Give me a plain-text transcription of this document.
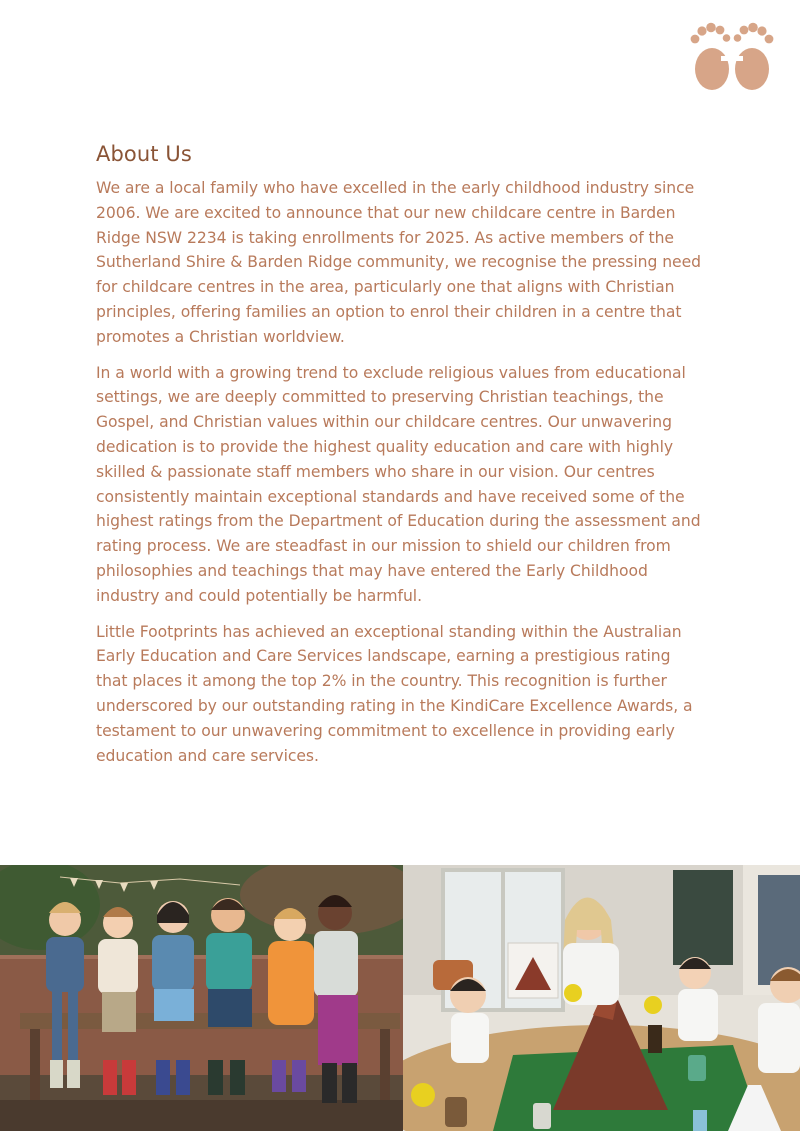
About Us

We are a local family who have excelled in the early childhood industry since 2006. We are excited to announce that our new childcare centre in Barden Ridge NSW 2234 is taking enrollments for 2025. As active members of the Sutherland Shire & Barden Ridge community, we recognise the pressing need for childcare centres in the area, particularly one that aligns with Christian principles, offering families an option to enrol their children in a centre that promotes a Christian worldview.

In a world with a growing trend to exclude religious values from educational settings, we are deeply committed to preserving Christian teachings, the Gospel, and Christian values within our childcare centres. Our unwavering dedication is to provide the highest quality education and care with highly skilled & passionate staff members who share in our vision. Our centres consistently maintain exceptional standards and have received some of the highest ratings from the Department of Education during the assessment and rating process. We are steadfast in our mission to shield our children from philosophies and teachings that may have entered the Early Childhood industry and could potentially be harmful.

Little Footprints has achieved an exceptional standing within the Australian Early Education and Care Services landscape, earning a prestigious rating that places it among the top 2% in the country. This recognition is further underscored by our outstanding rating in the KindiCare Excellence Awards, a testament to our unwavering commitment to excellence in providing early education and care services.
